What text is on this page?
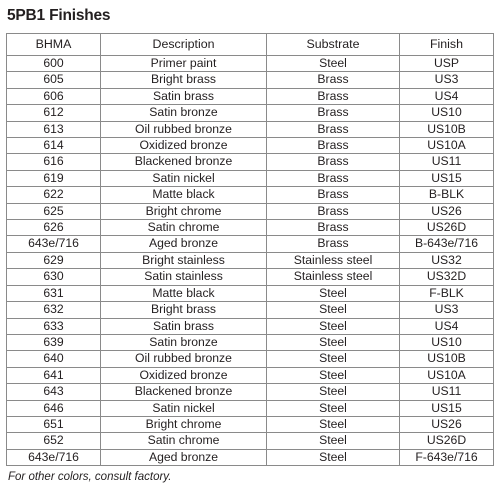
5PB1 Finishes
BHMA	Description	Substrate	Finish
600	Primer paint	Steel	USP
605	Bright brass	Brass	US3
606	Satin brass	Brass	US4
612	Satin bronze	Brass	US10
613	Oil rubbed bronze	Brass	US10B
614	Oxidized bronze	Brass	US10A
616	Blackened bronze	Brass	US11
619	Satin nickel	Brass	US15
622	Matte black	Brass	B-BLK
625	Bright chrome	Brass	US26
626	Satin chrome	Brass	US26D
643e/716	Aged bronze	Brass	B-643e/716
629	Bright stainless	Stainless steel	US32
630	Satin stainless	Stainless steel	US32D
631	Matte black	Steel	F-BLK
632	Bright brass	Steel	US3
633	Satin brass	Steel	US4
639	Satin bronze	Steel	US10
640	Oil rubbed bronze	Steel	US10B
641	Oxidized bronze	Steel	US10A
643	Blackened bronze	Steel	US11
646	Satin nickel	Steel	US15
651	Bright chrome	Steel	US26
652	Satin chrome	Steel	US26D
643e/716	Aged bronze	Steel	F-643e/716
For other colors, consult factory.
